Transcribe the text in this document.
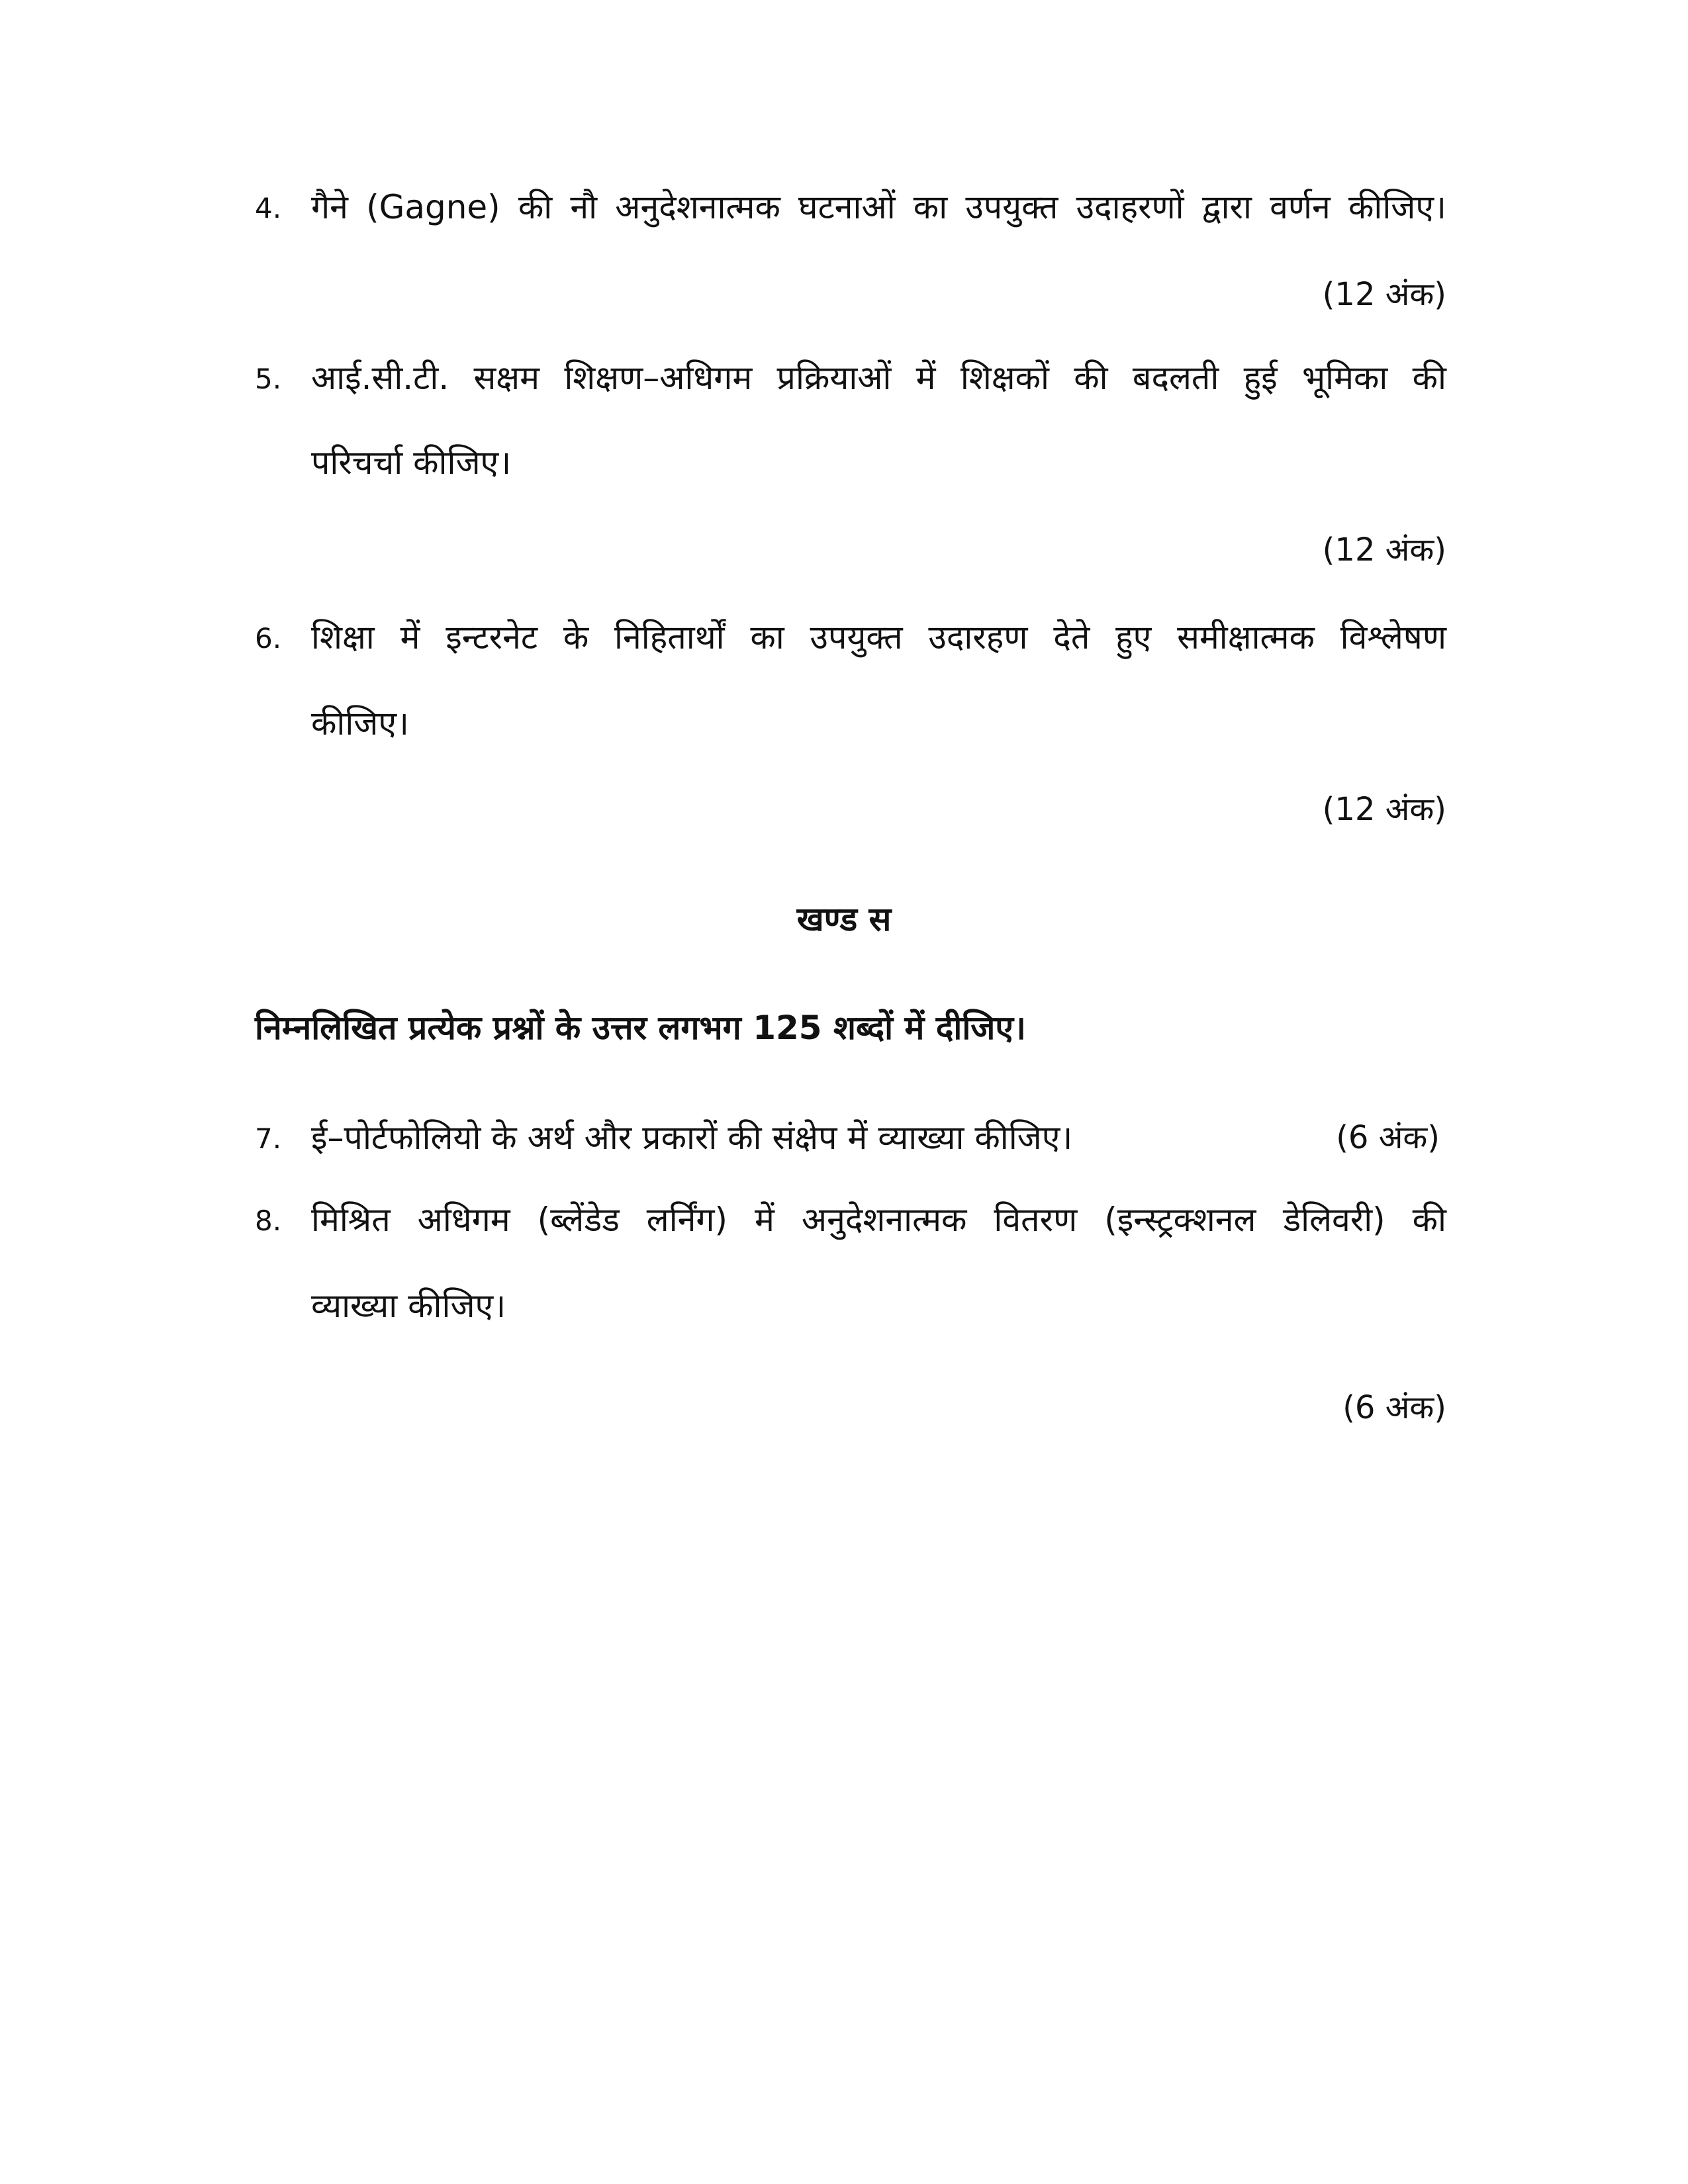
4. गैने (Gagne) की नौ अनुदेशनात्मक घटनाओं का उपयुक्त उदाहरणों द्वारा वर्णन कीजिए।
(12 अंक)
5. आई.सी.टी. सक्षम शिक्षण–अधिगम प्रक्रियाओं में शिक्षकों की बदलती हुई भूमिका की
परिचर्चा कीजिए।
(12 अंक)
6. शिक्षा में इन्टरनेट के निहितार्थों का उपयुक्त उदारहण देते हुए समीक्षात्मक विश्लेषण
कीजिए।
(12 अंक)
खण्ड स
निम्नलिखित प्रत्येक प्रश्नों के उत्तर लगभग 125 शब्दों में दीजिए।
7. ई–पोर्टफोलियो के अर्थ और प्रकारों की संक्षेप में व्याख्या कीजिए।	(6 अंक)
8. मिश्रित अधिगम (ब्लेंडेड लर्निंग) में अनुदेशनात्मक वितरण (इन्स्ट्रक्शनल डेलिवरी) की
व्याख्या कीजिए।
(6 अंक)
